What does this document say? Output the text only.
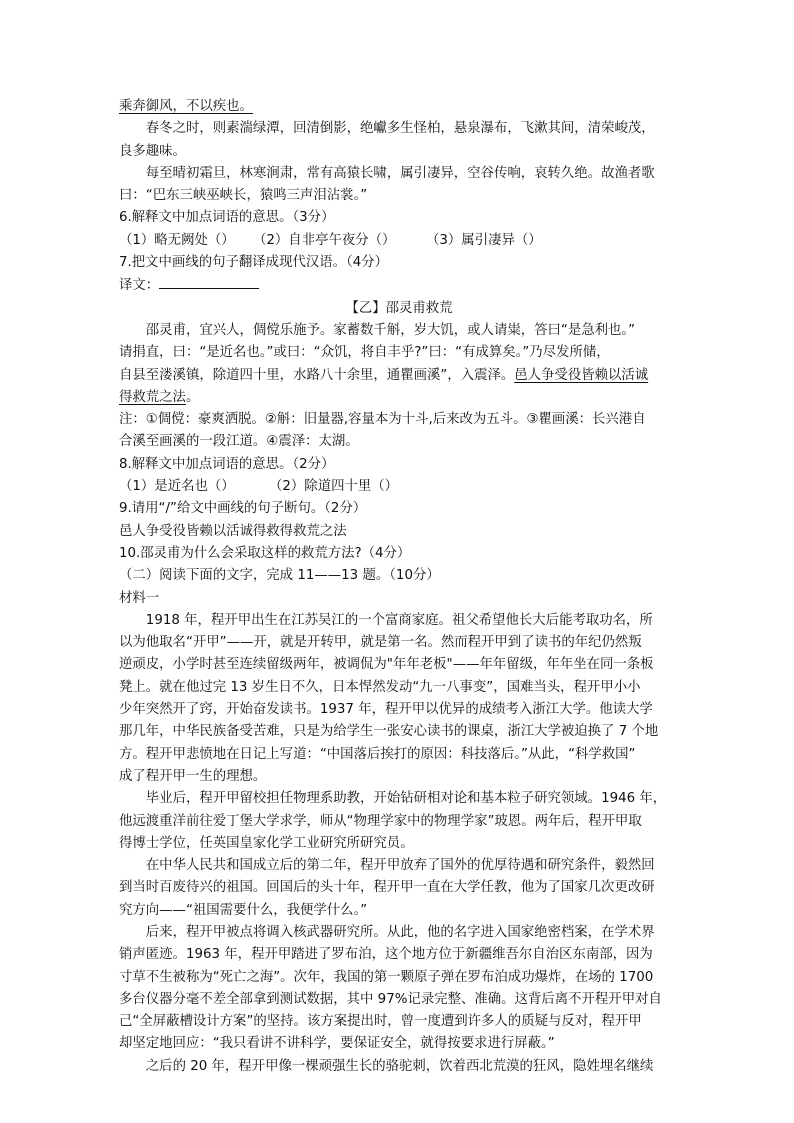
乘奔御风，不以疾也。

春冬之时，则素湍绿潭，回清倒影，绝巘多生怪柏，悬泉瀑布，飞漱其间，清荣峻茂，

良多趣味。

每至晴初霜旦，林寒涧肃，常有高猿长啸，属引凄异，空谷传响，哀转久绝。故渔者歌

曰：“巴东三峡巫峡长，猿鸣三声泪沾裳。”

6.解释文中加点词语的意思。（3分）

（1）略无阙处（）	（2）自非亭午夜分（）	（3）属引凄异（）

7.把文中画线的句子翻译成现代汉语。（4分）

译文：

【乙】邵灵甫救荒

邵灵甫，宜兴人，倜傥乐施予。家蓄数千斛，岁大饥，或人请粜，答曰“是急利也。”

请捐直，曰：“是近名也。”或曰：“众饥，将自丰乎?”曰：“有成算矣。”乃尽发所储，

自县至溇溪镇，除道四十里，水路八十余里，通瞿画溪”，入震泽。邑人争受役皆赖以活诚

得救荒之法。

注：①倜傥：豪爽洒脱。②斛：旧量器,容量本为十斗,后来改为五斗。③瞿画溪：长兴港自

合溪至画溪的一段江道。④震泽：太湖。

8.解释文中加点词语的意思。（2分）

（1）是近名也（）	（2）除道四十里（）

9.请用“/”给文中画线的句子断句。（2分）

邑人争受役皆赖以活诚得救得救荒之法

10.邵灵甫为什么会采取这样的救荒方法?（4分）

（二）阅读下面的文字，完成 11——13 题。（10分）

材料一

1918 年，程开甲出生在江苏吴江的一个富商家庭。祖父希望他长大后能考取功名，所

以为他取名“开甲”——开，就是开转甲，就是第一名。然而程开甲到了读书的年纪仍然叛

逆顽皮，小学时甚至连续留级两年，被调侃为"年年老板"——年年留级，年年坐在同一条板

凳上。就在他过完 13 岁生日不久，日本悍然发动“九一八事变”，国难当头，程开甲小小

少年突然开了窍，开始奋发读书。1937 年，程开甲以优异的成绩考入浙江大学。他读大学

那几年，中华民族备受苦难，只是为给学生一张安心读书的课桌，浙江大学被迫换了 7 个地

方。程开甲悲愤地在日记上写道：“中国落后挨打的原因：科技落后。”从此，“科学救国”

成了程开甲一生的理想。

毕业后，程开甲留校担任物理系助教，开始钻研相对论和基本粒子研究领域。1946 年，

他远渡重洋前往爱丁堡大学求学，师从“物理学家中的物理学家”玻恩。两年后，程开甲取

得博士学位，任英国皇家化学工业研究所研究员。

在中华人民共和国成立后的第二年，程开甲放弃了国外的优厚待遇和研究条件，毅然回

到当时百废待兴的祖国。回国后的头十年，程开甲一直在大学任教，他为了国家几次更改研

究方向——“祖国需要什么，我便学什么。”

后来，程开甲被点将调入核武器研究所。从此，他的名字进入国家绝密档案，在学术界

销声匿迹。1963 年，程开甲踏进了罗布泊，这个地方位于新疆维吾尔自治区东南部，因为

寸草不生被称为“死亡之海”。次年，我国的第一颗原子弹在罗布泊成功爆炸，在场的 1700

多台仪器分毫不差全部拿到测试数据，其中 97%记录完整、准确。这背后离不开程开甲对自

己“全屏蔽槽设计方案”的坚持。该方案提出时，曾一度遭到许多人的质疑与反对，程开甲

却坚定地回应：“我只看讲不讲科学，要保证安全，就得按要求进行屏蔽。”

之后的 20 年，程开甲像一棵顽强生长的骆驼刺，饮着西北荒漠的狂风，隐姓埋名继续
